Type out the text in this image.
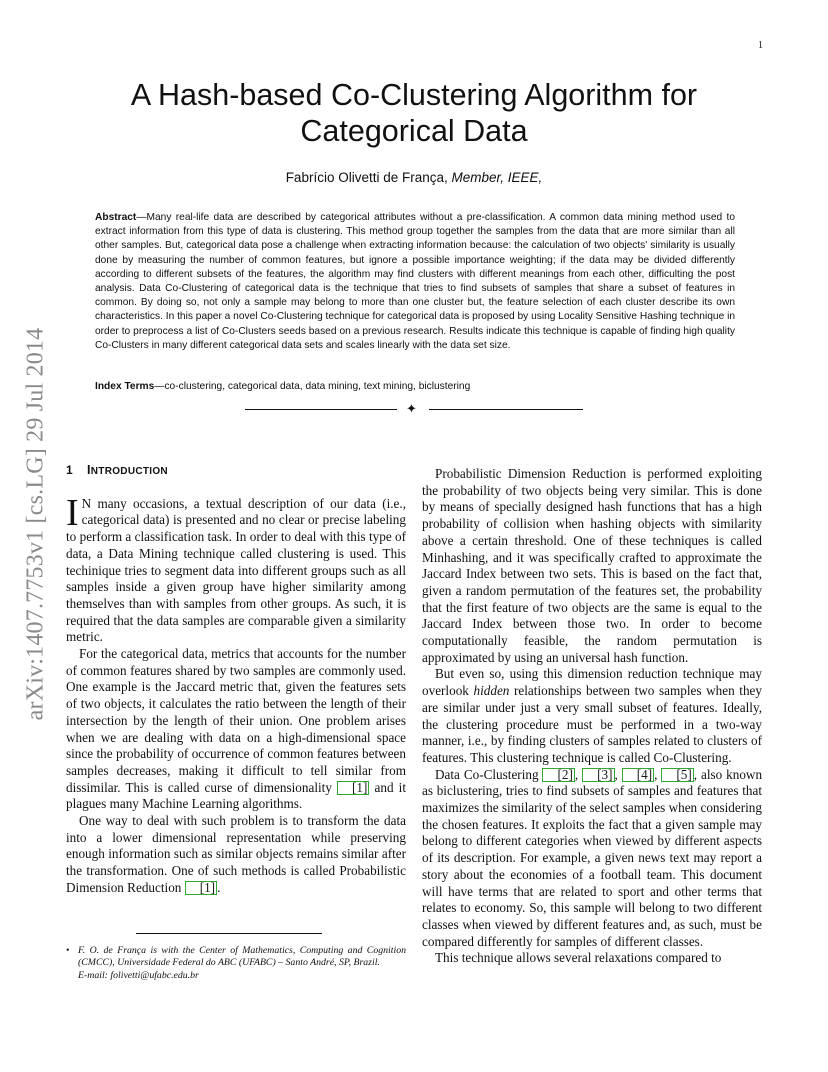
1
arXiv:1407.7753v1 [cs.LG] 29 Jul 2014
A Hash-based Co-Clustering Algorithm for Categorical Data
Fabrício Olivetti de França, Member, IEEE,
Abstract—Many real-life data are described by categorical attributes without a pre-classification. A common data mining method used to extract information from this type of data is clustering. This method group together the samples from the data that are more similar than all other samples. But, categorical data pose a challenge when extracting information because: the calculation of two objects' similarity is usually done by measuring the number of common features, but ignore a possible importance weighting; if the data may be divided differently according to different subsets of the features, the algorithm may find clusters with different meanings from each other, difficulting the post analysis. Data Co-Clustering of categorical data is the technique that tries to find subsets of samples that share a subset of features in common. By doing so, not only a sample may belong to more than one cluster but, the feature selection of each cluster describe its own characteristics. In this paper a novel Co-Clustering technique for categorical data is proposed by using Locality Sensitive Hashing technique in order to preprocess a list of Co-Clusters seeds based on a previous research. Results indicate this technique is capable of finding high quality Co-Clusters in many different categorical data sets and scales linearly with the data set size.
Index Terms—co-clustering, categorical data, data mining, text mining, biclustering
✦
1 INTRODUCTION

I N many occasions, a textual description of our data (i.e., categorical data) is presented and no clear or precise labeling to perform a classification task. In order to deal with this type of data, a Data Mining technique called clustering is used. This techinique tries to segment data into different groups such as all samples inside a given group have higher similarity among themselves than with samples from other groups. As such, it is required that the data samples are comparable given a similarity metric.

For the categorical data, metrics that accounts for the number of common features shared by two samples are commonly used. One example is the Jaccard metric that, given the features sets of two objects, it calculates the ratio between the length of their intersection by the length of their union. One problem arises when we are dealing with data on a high-dimensional space since the probability of occurrence of common features between samples decreases, making it difficult to tell similar from dissimilar. This is called curse of dimensionality [1] and it plagues many Machine Learning algorithms.

One way to deal with such problem is to transform the data into a lower dimensional representation while preserving enough information such as similar objects remains similar after the transformation. One of such methods is called Probabilistic Dimension Reduction [1] .

Probabilistic Dimension Reduction is performed exploiting the probability of two objects being very similar. This is done by means of specially designed hash functions that has a high probability of collision when hashing objects with similarity above a certain threshold. One of these techniques is called Minhashing, and it was specifically crafted to approximate the Jaccard Index between two sets. This is based on the fact that, given a random permutation of the features set, the probability that the first feature of two objects are the same is equal to the Jaccard Index between those two. In order to become computationally feasible, the random permutation is approximated by using an universal hash function.

But even so, using this dimension reduction technique may overlook hidden relationships between two samples when they are similar under just a very small subset of features. Ideally, the clustering procedure must be performed in a two-way manner, i.e., by finding clusters of samples related to clusters of features. This clustering technique is called Co-Clustering.

Data Co-Clustering [2] , [3] , [4] , [5] , also known as biclustering, tries to find subsets of samples and features that maximizes the similarity of the select samples when considering the chosen features. It exploits the fact that a given sample may belong to different categories when viewed by different aspects of its description. For example, a given news text may report a story about the economies of a football team. This document will have terms that are related to sport and other terms that relates to economy. So, this sample will belong to two different classes when viewed by different features and, as such, must be compared differently for samples of different classes.

This technique allows several relaxations compared to

• F. O. de França is with the Center of Mathematics, Computing and Cognition (CMCC), Universidade Federal do ABC (UFABC) – Santo André, SP, Brazil.
E-mail: folivetti@ufabc.edu.br
